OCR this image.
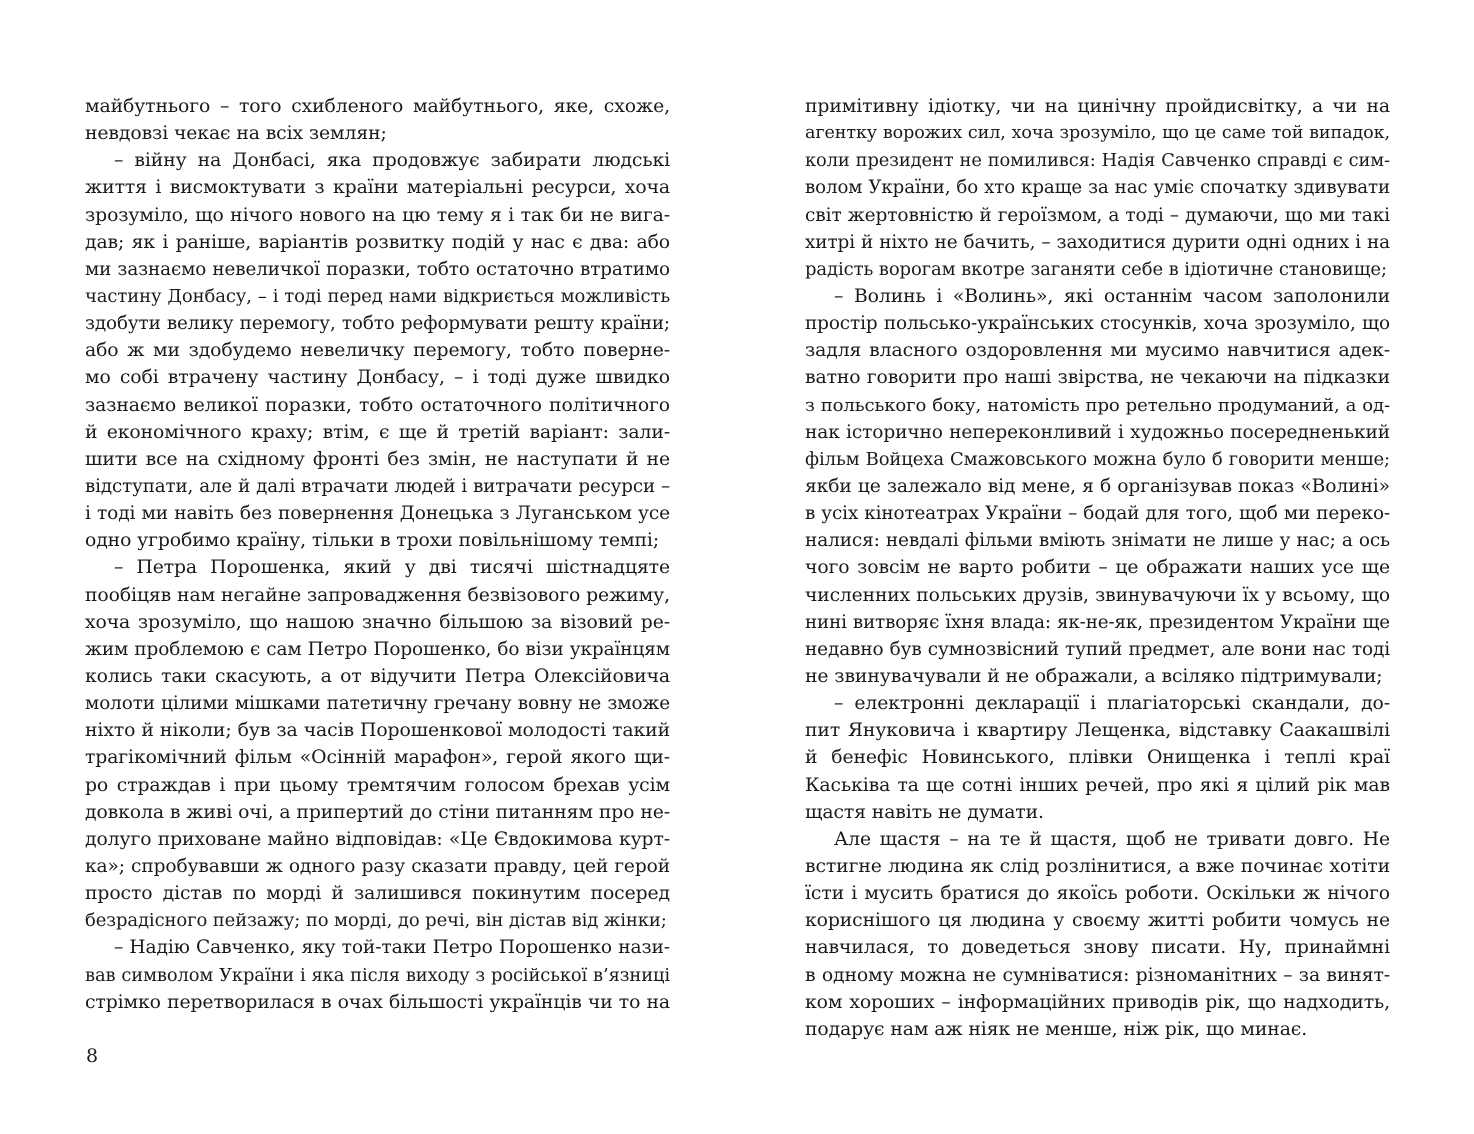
майбутнього – того схибленого майбутнього, яке, схоже,
невдовзі чекає на всіх землян;
– війну на Донбасі, яка продовжує забирати людські
життя і висмоктувати з країни матеріальні ресурси, хоча
зрозуміло, що нічого нового на цю тему я і так би не вига-
дав; як і раніше, варіантів розвитку подій у нас є два: або
ми зазнаємо невеличкої поразки, тобто остаточно втратимо
частину Донбасу, – і тоді перед нами відкриється можливість
здобути велику перемогу, тобто реформувати решту країни;
або ж ми здобудемо невеличку перемогу, тобто поверне-
мо собі втрачену частину Донбасу, – і тоді дуже швидко
зазнаємо великої поразки, тобто остаточного політичного
й економічного краху; втім, є ще й третій варіант: зали-
шити все на східному фронті без змін, не наступати й не
відступати, але й далі втрачати людей і витрачати ресурси –
і тоді ми навіть без повернення Донецька з Луганськом усе
одно угробимо країну, тільки в трохи повільнішому темпі;
– Петра Порошенка, який у дві тисячі шістнадцяте
пообіцяв нам негайне запровадження безвізового режиму,
хоча зрозуміло, що нашою значно більшою за візовий ре-
жим проблемою є сам Петро Порошенко, бо візи українцям
колись таки скасують, а от відучити Петра Олексійовича
молоти цілими мішками патетичну гречану вовну не зможе
ніхто й ніколи; був за часів Порошенкової молодості такий
трагікомічний фільм «Осінній марафон», герой якого щи-
ро страждав і при цьому тремтячим голосом брехав усім
довкола в живі очі, а припертий до стіни питанням про не-
долуго приховане майно відповідав: «Це Євдокимова курт-
ка»; спробувавши ж одного разу сказати правду, цей герой
просто дістав по морді й залишився покинутим посеред
безрадісного пейзажу; по морді, до речі, він дістав від жінки;
– Надію Савченко, яку той-таки Петро Порошенко нази-
вав символом України і яка після виходу з російської в’язниці
стрімко перетворилася в очах більшості українців чи то на
примітивну ідіотку, чи на цинічну пройдисвітку, а чи на
агентку ворожих сил, хоча зрозуміло, що це саме той випадок,
коли президент не помилився: Надія Савченко справді є сим-
волом України, бо хто краще за нас уміє спочатку здивувати
світ жертовністю й героїзмом, а тоді – думаючи, що ми такі
хитрі й ніхто не бачить, – заходитися дурити одні одних і на
радість ворогам вкотре заганяти себе в ідіотичне становище;
– Волинь і «Волинь», які останнім часом заполонили
простір польсько-українських стосунків, хоча зрозуміло, що
задля власного оздоровлення ми мусимо навчитися адек-
ватно говорити про наші звірства, не чекаючи на підказки
з польського боку, натомість про ретельно продуманий, а од-
нак історично непереконливий і художньо посередненький
фільм Войцеха Смажовського можна було б говорити менше;
якби це залежало від мене, я б організував показ «Волині»
в усіх кінотеатрах України – бодай для того, щоб ми переко-
налися: невдалі фільми вміють знімати не лише у нас; а ось
чого зовсім не варто робити – це ображати наших усе ще
численних польських друзів, звинувачуючи їх у всьому, що
нині витворяє їхня влада: як-не-як, президентом України ще
недавно був сумнозвісний тупий предмет, але вони нас тоді
не звинувачували й не ображали, а всіляко підтримували;
– електронні декларації і плагіаторські скандали, до-
пит Януковича і квартиру Лещенка, відставку Саакашвілі
й бенефіс Новинського, плівки Онищенка і теплі краї
Каськіва та ще сотні інших речей, про які я цілий рік мав
щастя навіть не думати.
Але щастя – на те й щастя, щоб не тривати довго. Не
встигне людина як слід розлінитися, а вже починає хотіти
їсти і мусить братися до якоїсь роботи. Оскільки ж нічого
кориснішого ця людина у своєму житті робити чомусь не
навчилася, то доведеться знову писати. Ну, принаймні
в одному можна не сумніватися: різноманітних – за винят-
ком хороших – інформаційних приводів рік, що надходить,
подарує нам аж ніяк не менше, ніж рік, що минає.
8
